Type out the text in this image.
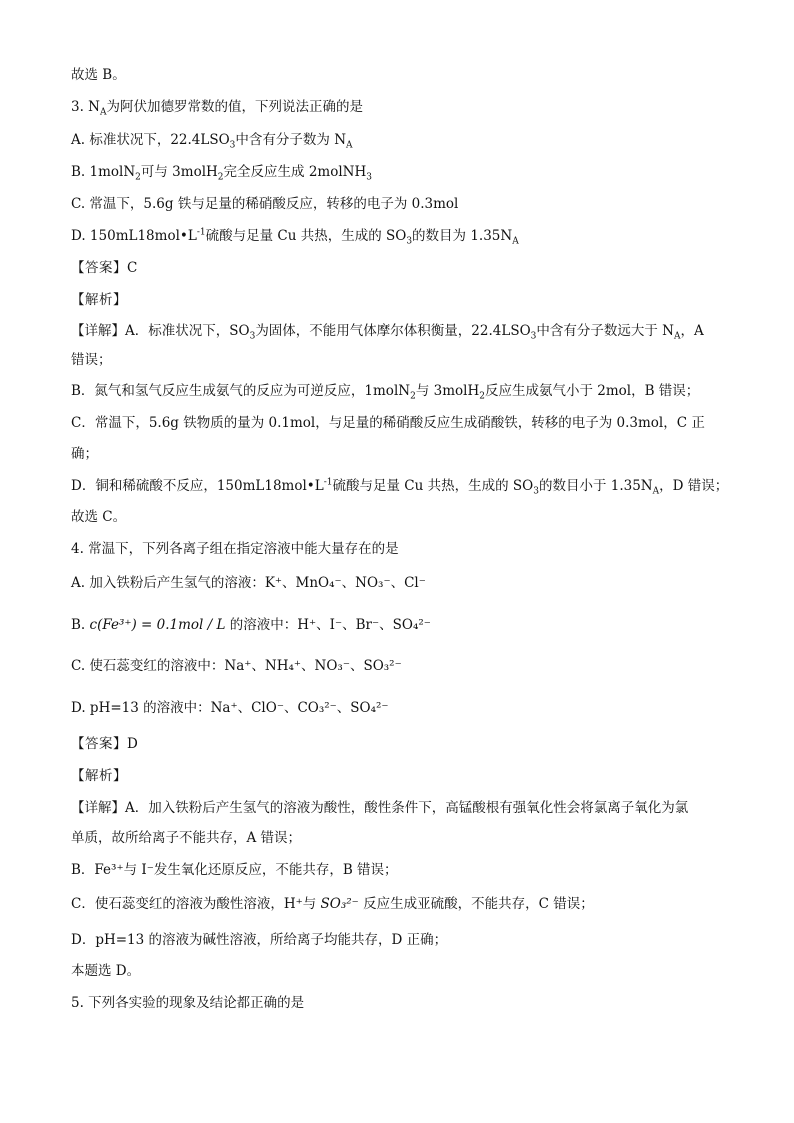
故选 B。
3. $N_A$为阿伏加德罗常数的值，下列说法正确的是
A. 标准状况下，$22.4LSO_3$中含有分子数为 $N_A$
B. 1molN$_2$可与 3molH$_2$完全反应生成 2molNH$_3$
C. 常温下，5.6g 铁与足量的稀硝酸反应，转移的电子为 0.3mol
D. $150mL18mol•L^{-1}$硫酸与足量 Cu 共热，生成的 $SO_3$的数目为 $1.35N_A$
【答案】C
【解析】
【详解】A．标准状况下，$SO_3$为固体，不能用气体摩尔体积衡量，$22.4LSO_3$中含有分子数远大于 $N_A$，A
错误；
B．氮气和氢气反应生成氨气的反应为可逆反应，1molN$_2$与 3molH$_2$反应生成氨气小于 2mol，B 错误；
C．常温下，5.6g 铁物质的量为 0.1mol，与足量的稀硝酸反应生成硝酸铁，转移的电子为 0.3mol，C 正
确；
D．铜和稀硫酸不反应，$150mL18mol•L^{-1}$硫酸与足量 Cu 共热，生成的 $SO_3$的数目小于 $1.35N_A$，D 错误；
故选 C。
4. 常温下，下列各离子组在指定溶液中能大量存在的是
A. 加入铁粉后产生氢气的溶液：K⁺、MnO₄⁻、NO₃⁻、Cl⁻
B. c(Fe³⁺) = 0.1mol / L 的溶液中：H⁺、I⁻、Br⁻、SO₄²⁻
C. 使石蕊变红的溶液中：Na⁺、NH₄⁺、NO₃⁻、SO₃²⁻
D. pH=13 的溶液中：Na⁺、ClO⁻、CO₃²⁻、SO₄²⁻
【答案】D
【解析】
【详解】A．加入铁粉后产生氢气的溶液为酸性，酸性条件下，高锰酸根有强氧化性会将氯离子氧化为氯
单质，故所给离子不能共存，A 错误；
B．Fe³⁺与 I⁻发生氧化还原反应，不能共存，B 错误；
C．使石蕊变红的溶液为酸性溶液，H⁺与 SO₃²⁻ 反应生成亚硫酸，不能共存，C 错误；
D．pH=13 的溶液为碱性溶液，所给离子均能共存，D 正确；
本题选 D。
5. 下列各实验的现象及结论都正确的是
